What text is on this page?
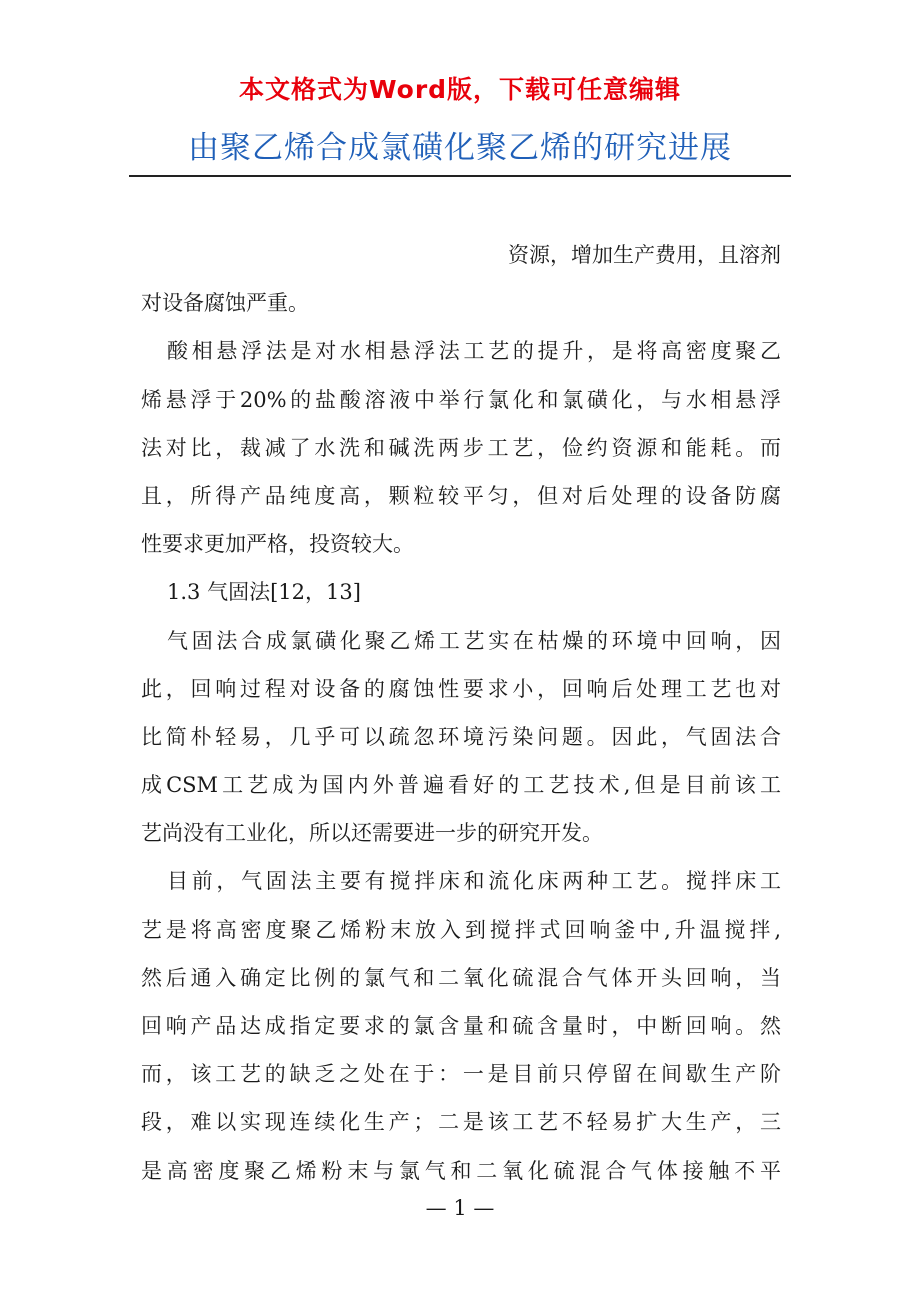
本文格式为Word版，下载可任意编辑
由聚乙烯合成氯磺化聚乙烯的研究进展
资源，增加生产费用，且溶剂
对设备腐蚀严重。
酸相悬浮法是对水相悬浮法工艺的提升，是将高密度聚乙
烯悬浮于20%的盐酸溶液中举行氯化和氯磺化，与水相悬浮
法对比，裁减了水洗和碱洗两步工艺，俭约资源和能耗。而
且，所得产品纯度高，颗粒较平匀，但对后处理的设备防腐
性要求更加严格，投资较大。
1.3 气固法[12，13]
气固法合成氯磺化聚乙烯工艺实在枯燥的环境中回响，因
此，回响过程对设备的腐蚀性要求小，回响后处理工艺也对
比简朴轻易，几乎可以疏忽环境污染问题。因此，气固法合
成CSM工艺成为国内外普遍看好的工艺技术,但是目前该工
艺尚没有工业化，所以还需要进一步的研究开发。
目前，气固法主要有搅拌床和流化床两种工艺。搅拌床工
艺是将高密度聚乙烯粉末放入到搅拌式回响釜中,升温搅拌,
然后通入确定比例的氯气和二氧化硫混合气体开头回响，当
回响产品达成指定要求的氯含量和硫含量时，中断回响。然
而，该工艺的缺乏之处在于：一是目前只停留在间歇生产阶
段，难以实现连续化生产；二是该工艺不轻易扩大生产，三
是高密度聚乙烯粉末与氯气和二氧化硫混合气体接触不平
— 1 —
